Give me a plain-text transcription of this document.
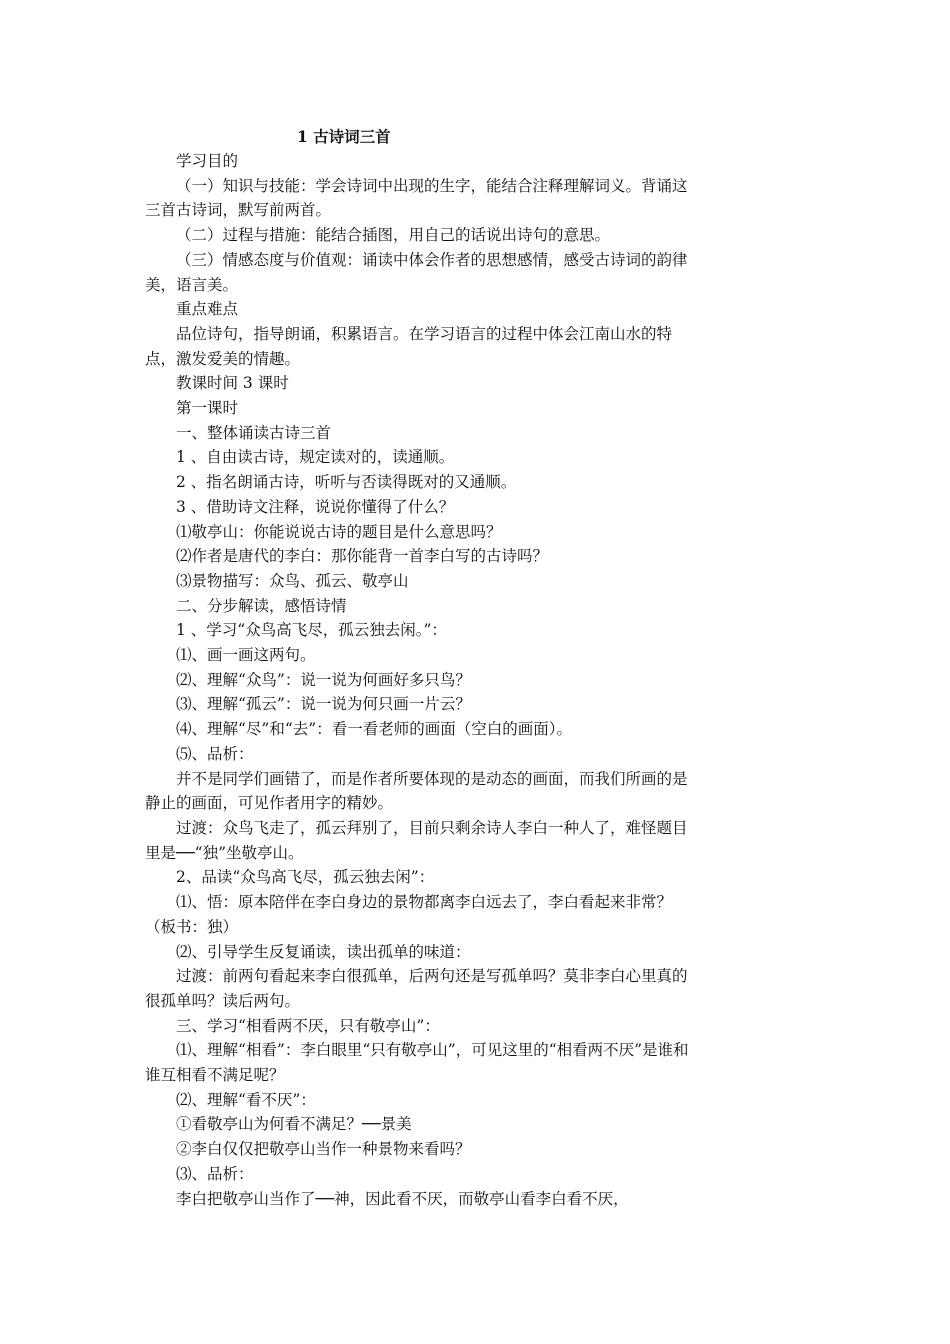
1 古诗词三首
学习目的
（一）知识与技能：学会诗词中出现的生字，能结合注释理解词义。背诵这三首古诗词，默写前两首。
（二）过程与措施：能结合插图，用自己的话说出诗句的意思。
（三）情感态度与价值观：诵读中体会作者的思想感情，感受古诗词的韵律美，语言美。
重点难点
品位诗句，指导朗诵，积累语言。在学习语言的过程中体会江南山水的特点，激发爱美的情趣。
教课时间 3 课时
第一课时
一、整体诵读古诗三首
1 、自由读古诗，规定读对的，读通顺。
2 、指名朗诵古诗，听听与否读得既对的又通顺。
3 、借助诗文注释，说说你懂得了什么？
⑴敬亭山：你能说说古诗的题目是什么意思吗？
⑵作者是唐代的李白：那你能背一首李白写的古诗吗？
⑶景物描写：众鸟、孤云、敬亭山
二、分步解读，感悟诗情
1 、学习“众鸟高飞尽，孤云独去闲。”：
⑴、画一画这两句。
⑵、理解“众鸟”：说一说为何画好多只鸟？
⑶、理解“孤云”：说一说为何只画一片云？
⑷、理解“尽”和“去”：看一看老师的画面（空白的画面）。
⑸、品析：
并不是同学们画错了，而是作者所要体现的是动态的画面，而我们所画的是静止的画面，可见作者用字的精妙。
过渡：众鸟飞走了，孤云拜别了，目前只剩余诗人李白一种人了，难怪题目里是──“独”坐敬亭山。
2、品读“众鸟高飞尽，孤云独去闲”：
⑴、悟：原本陪伴在李白身边的景物都离李白远去了，李白看起来非常？（板书：独）
⑵、引导学生反复诵读，读出孤单的味道：
过渡：前两句看起来李白很孤单，后两句还是写孤单吗？莫非李白心里真的很孤单吗？读后两句。
三、学习“相看两不厌，只有敬亭山”：
⑴、理解“相看”：李白眼里“只有敬亭山”，可见这里的“相看两不厌”是谁和谁互相看不满足呢？
⑵、理解“看不厌”：
①看敬亭山为何看不满足？──景美
②李白仅仅把敬亭山当作一种景物来看吗？
⑶、品析：
李白把敬亭山当作了──神，因此看不厌，而敬亭山看李白看不厌，
